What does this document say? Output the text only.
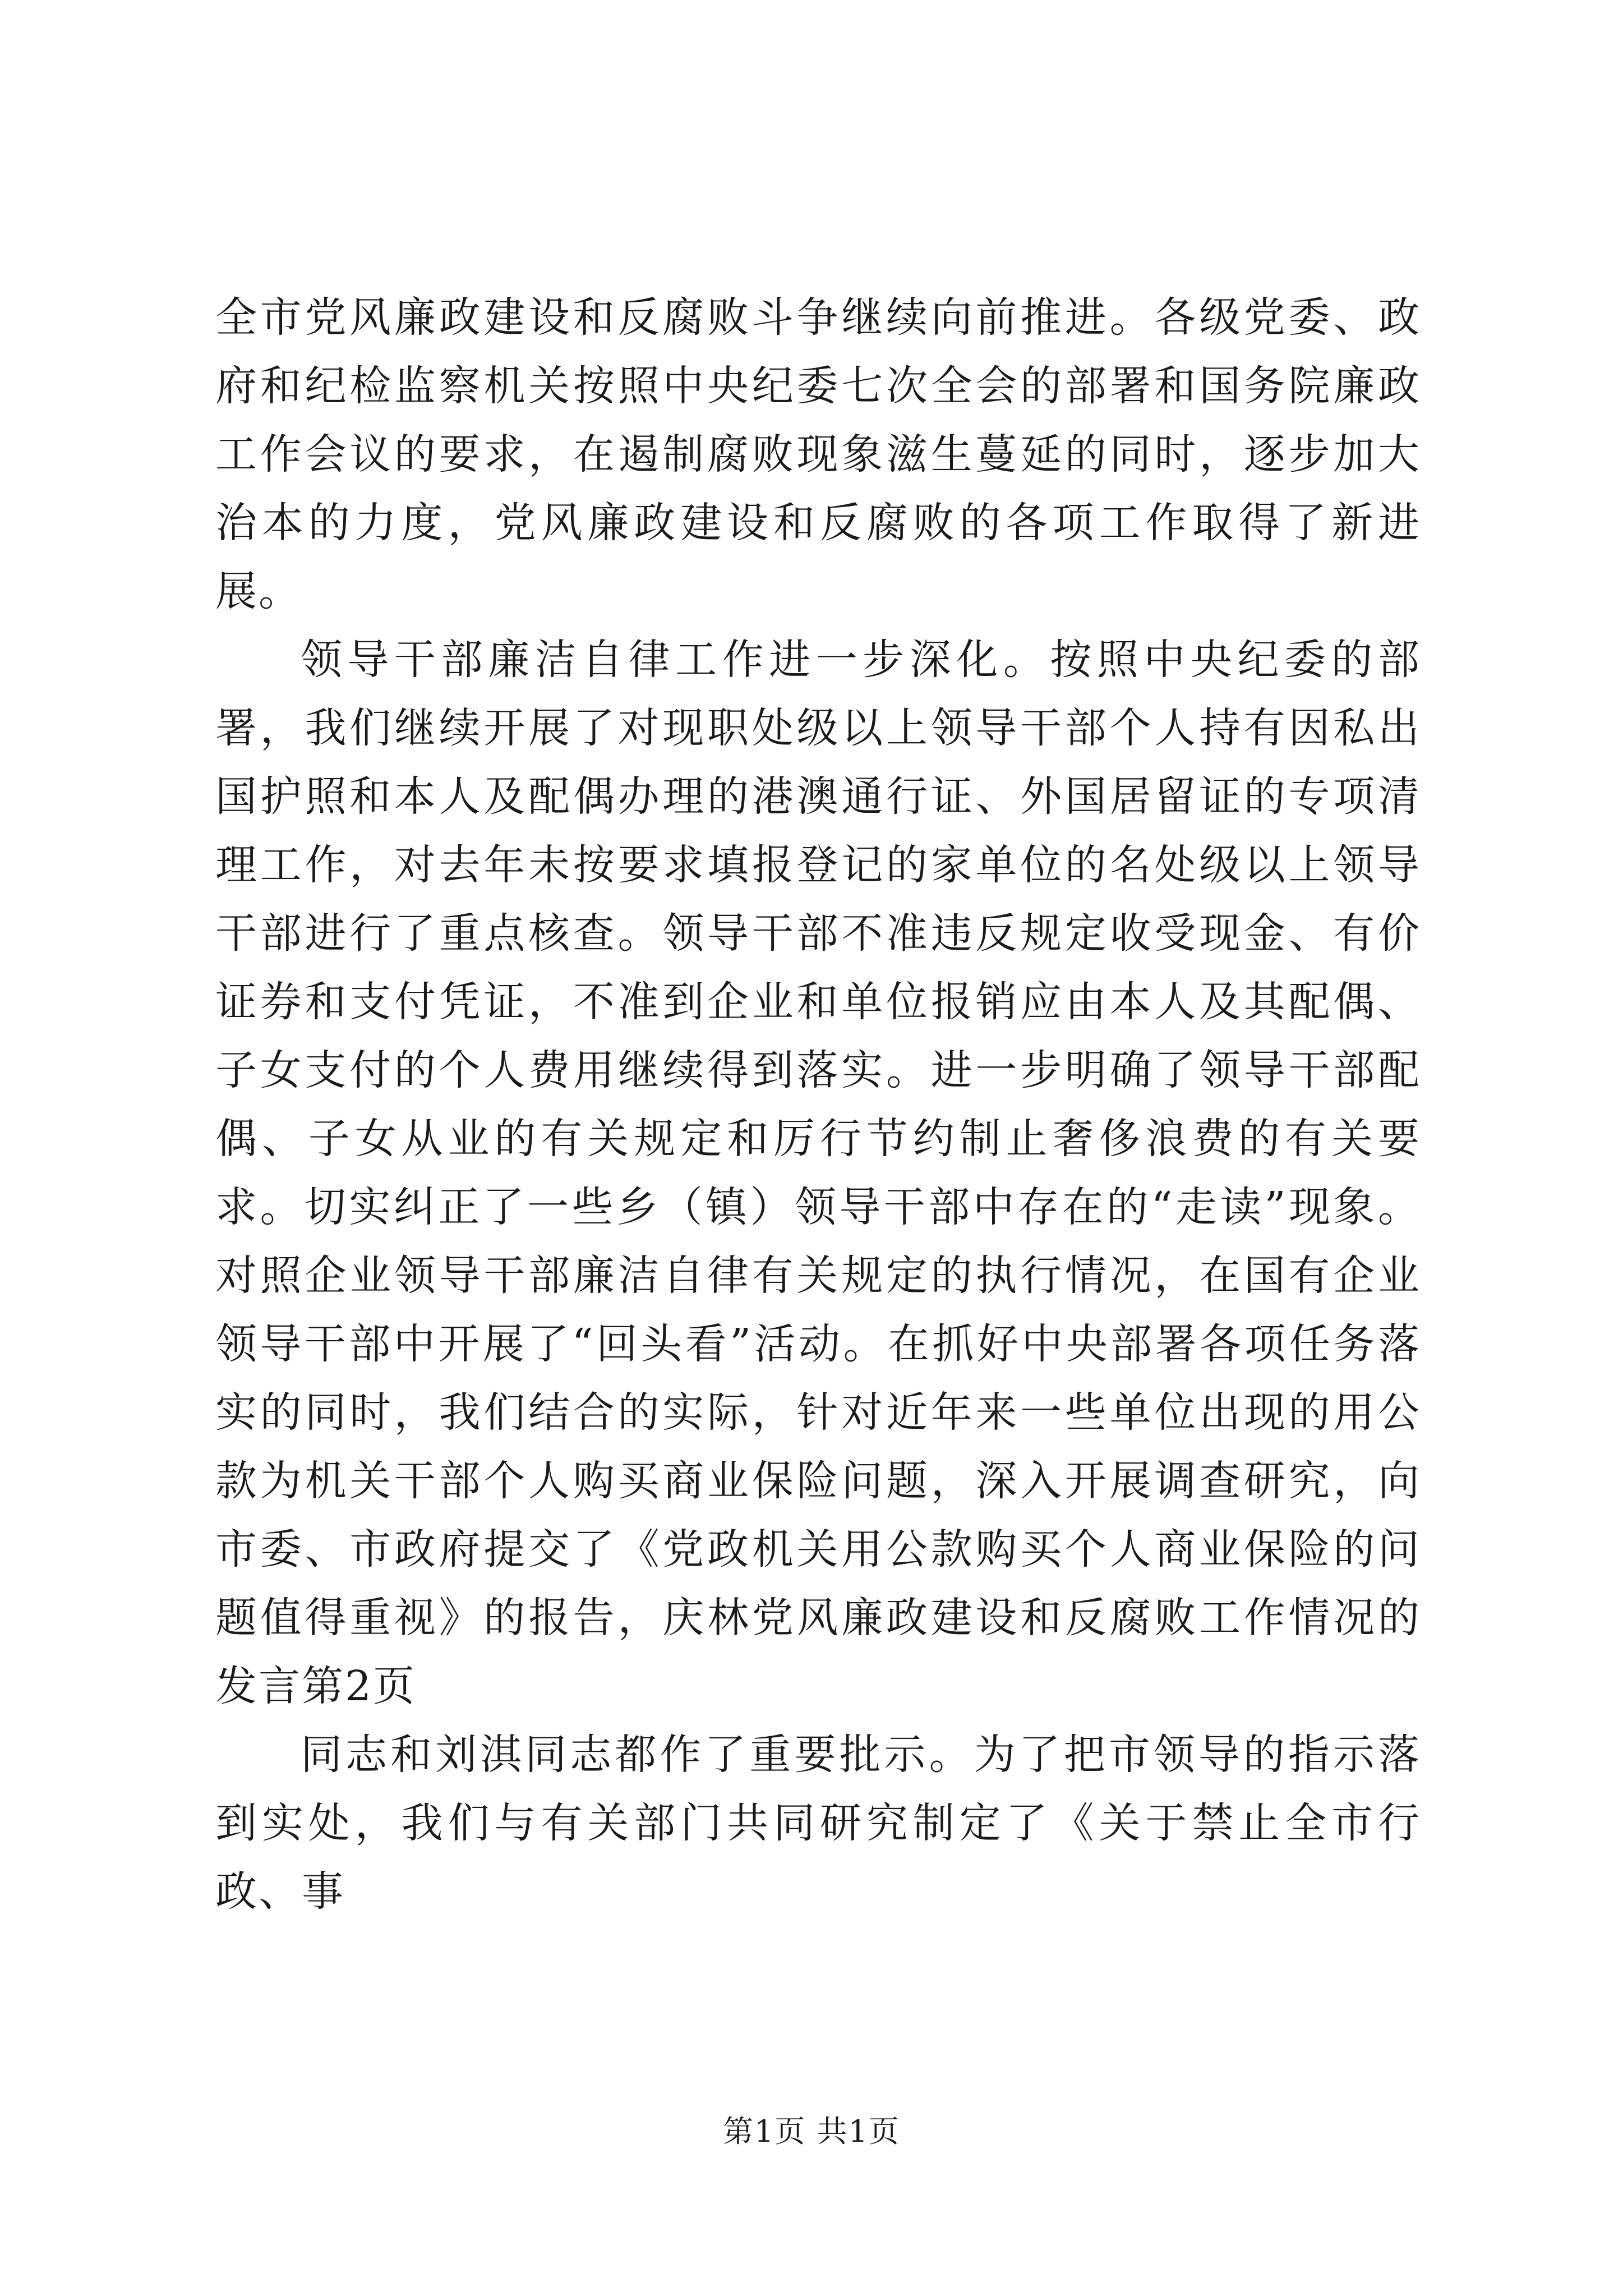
全市党风廉政建设和反腐败斗争继续向前推进。各级党委、政府和纪检监察机关按照中央纪委七次全会的部署和国务院廉政工作会议的要求，在遏制腐败现象滋生蔓延的同时，逐步加大治本的力度，党风廉政建设和反腐败的各项工作取得了新进展。

领导干部廉洁自律工作进一步深化。按照中央纪委的部署，我们继续开展了对现职处级以上领导干部个人持有因私出国护照和本人及配偶办理的港澳通行证、外国居留证的专项清理工作，对去年未按要求填报登记的家单位的名处级以上领导干部进行了重点核查。领导干部不准违反规定收受现金、有价证券和支付凭证，不准到企业和单位报销应由本人及其配偶、子女支付的个人费用继续得到落实。进一步明确了领导干部配偶、子女从业的有关规定和厉行节约制止奢侈浪费的有关要求。切实纠正了一些乡（镇）领导干部中存在的“走读”现象。对照企业领导干部廉洁自律有关规定的执行情况，在国有企业领导干部中开展了“回头看”活动。在抓好中央部署各项任务落实的同时，我们结合的实际，针对近年来一些单位出现的用公款为机关干部个人购买商业保险问题，深入开展调查研究，向市委、市政府提交了《党政机关用公款购买个人商业保险的问题值得重视》的报告，庆林党风廉政建设和反腐败工作情况的发言第2页

同志和刘淇同志都作了重要批示。为了把市领导的指示落到实处，我们与有关部门共同研究制定了《关于禁止全市行政、事

第1页 共1页
